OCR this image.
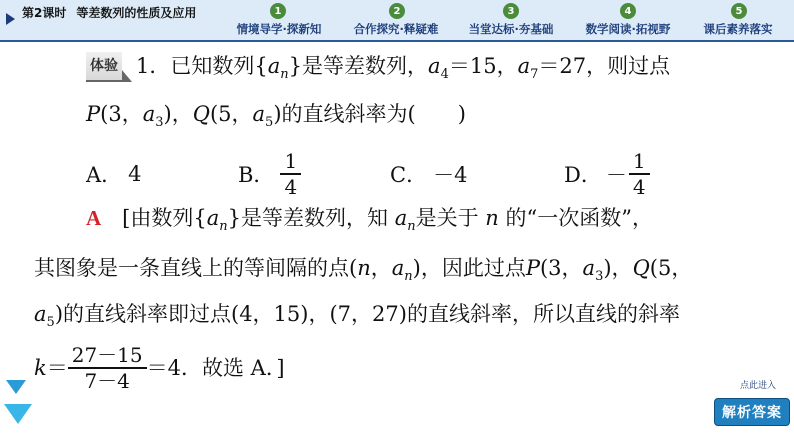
第2课时 等差数列的性质及应用	1
情境导学·探新知
2
合作探究·释疑难
3
当堂达标·夯基础
4
数学阅读·拓视野
5
课后素养落实
体验 1．已知数列$\{a_n\}$是等差数列，$a_4=15$，$a_7=27$，则过点
P(3，$a_3$)，Q(5，$a_5$)的直线斜率为(　　)
A． 4	B． $\frac{1}{4}$	C． －4	D． － $\frac{1}{4}$
A　 [由数列$\{a_n\}$是等差数列，知 $a_n$是关于 n 的“一次函数”，
其图象是一条直线上的等间隔的点(n，$a_n$)，因此过点P(3，$a_3$)，Q(5，
$a_5$)的直线斜率即过点(4，15)，(7，27)的直线斜率，所以直线的斜率
$k = \frac{27-15}{7-4} =4$．故选 A．]
点此进入
解析答案
